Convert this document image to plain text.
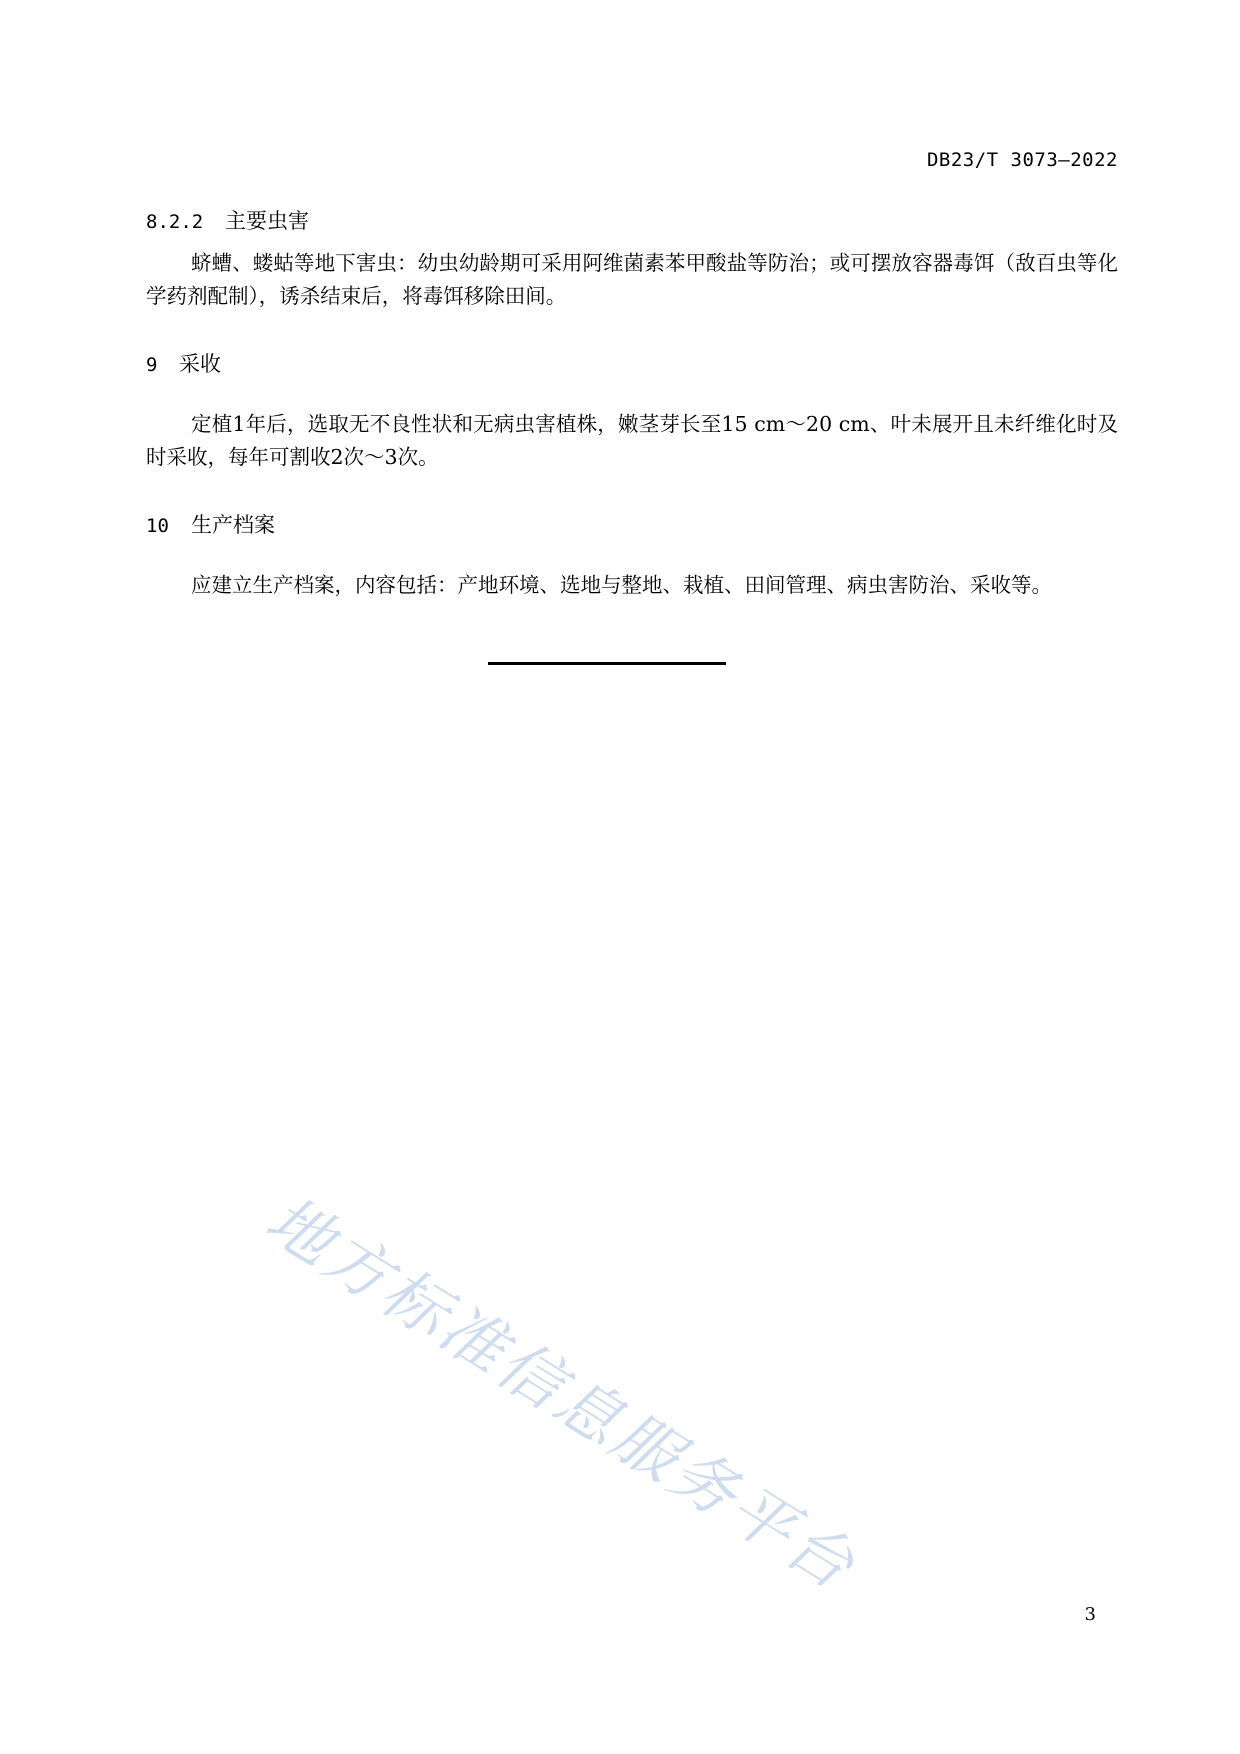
DB23/T 3073—2022
8.2.2 主要虫害

蛴螬、蝼蛄等地下害虫：幼虫幼龄期可采用阿维菌素苯甲酸盐等防治；或可摆放容器毒饵（敌百虫等化学药剂配制），诱杀结束后，将毒饵移除田间。

9 采收

定植1年后，选取无不良性状和无病虫害植株，嫩茎芽长至15 cm～20 cm、叶未展开且未纤维化时及时采收，每年可割收2次〜3次。

10 生产档案

应建立生产档案，内容包括：产地环境、选地与整地、栽植、田间管理、病虫害防治、采收等。

地方标准信息服务平台
3
